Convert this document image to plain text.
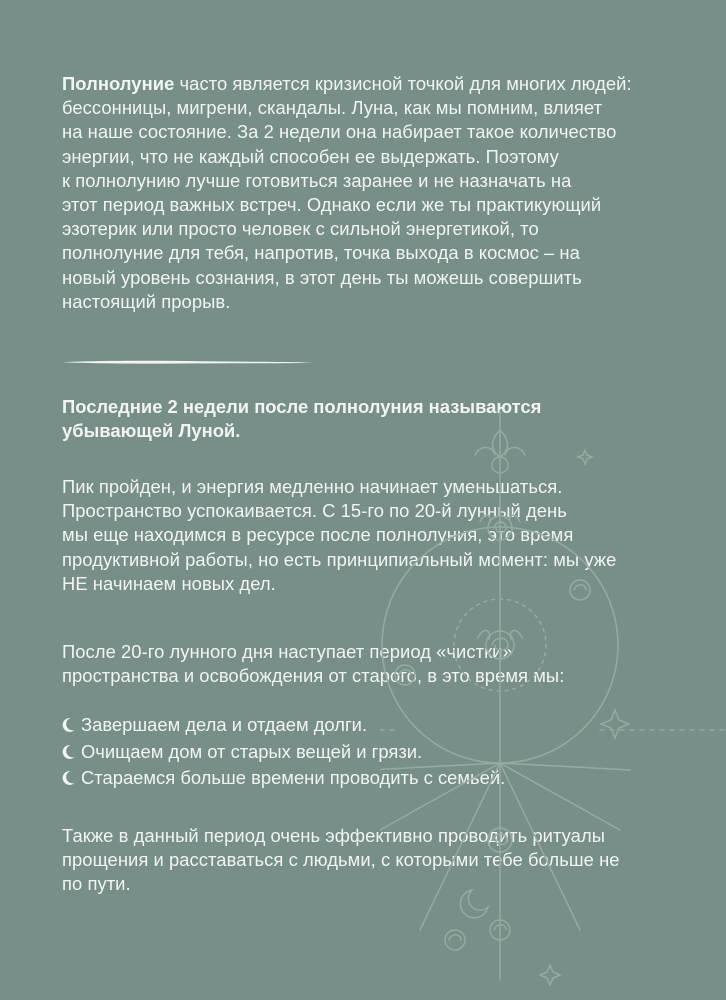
Полнолуние часто является кризисной точкой для многих людей:
бессонницы, мигрени, скандалы. Луна, как мы помним, влияет
на наше состояние. За 2 недели она набирает такое количество
энергии, что не каждый способен ее выдержать. Поэтому
к полнолунию лучше готовиться заранее и не назначать на
этот период важных встреч. Однако если же ты практикующий
эзотерик или просто человек с сильной энергетикой, то
полнолуние для тебя, напротив, точка выхода в космос – на
новый уровень сознания, в этот день ты можешь совершить
настоящий прорыв.

Последние 2 недели после полнолуния называются
убывающей Луной.

Пик пройден, и энергия медленно начинает уменьшаться.
Пространство успокаивается. С 15-го по 20-й лунный день
мы еще находимся в ресурсе после полнолуния, это время
продуктивной работы, но есть принципиальный момент: мы уже
НЕ начинаем новых дел.

После 20-го лунного дня наступает период «чистки»
пространства и освобождения от старого, в это время мы:

Завершаем дела и отдаем долги.
Очищаем дом от старых вещей и грязи.
Стараемся больше времени проводить с семьей.

Также в данный период очень эффективно проводить ритуалы
прощения и расставаться с людьми, с которыми тебе больше не
по пути.
